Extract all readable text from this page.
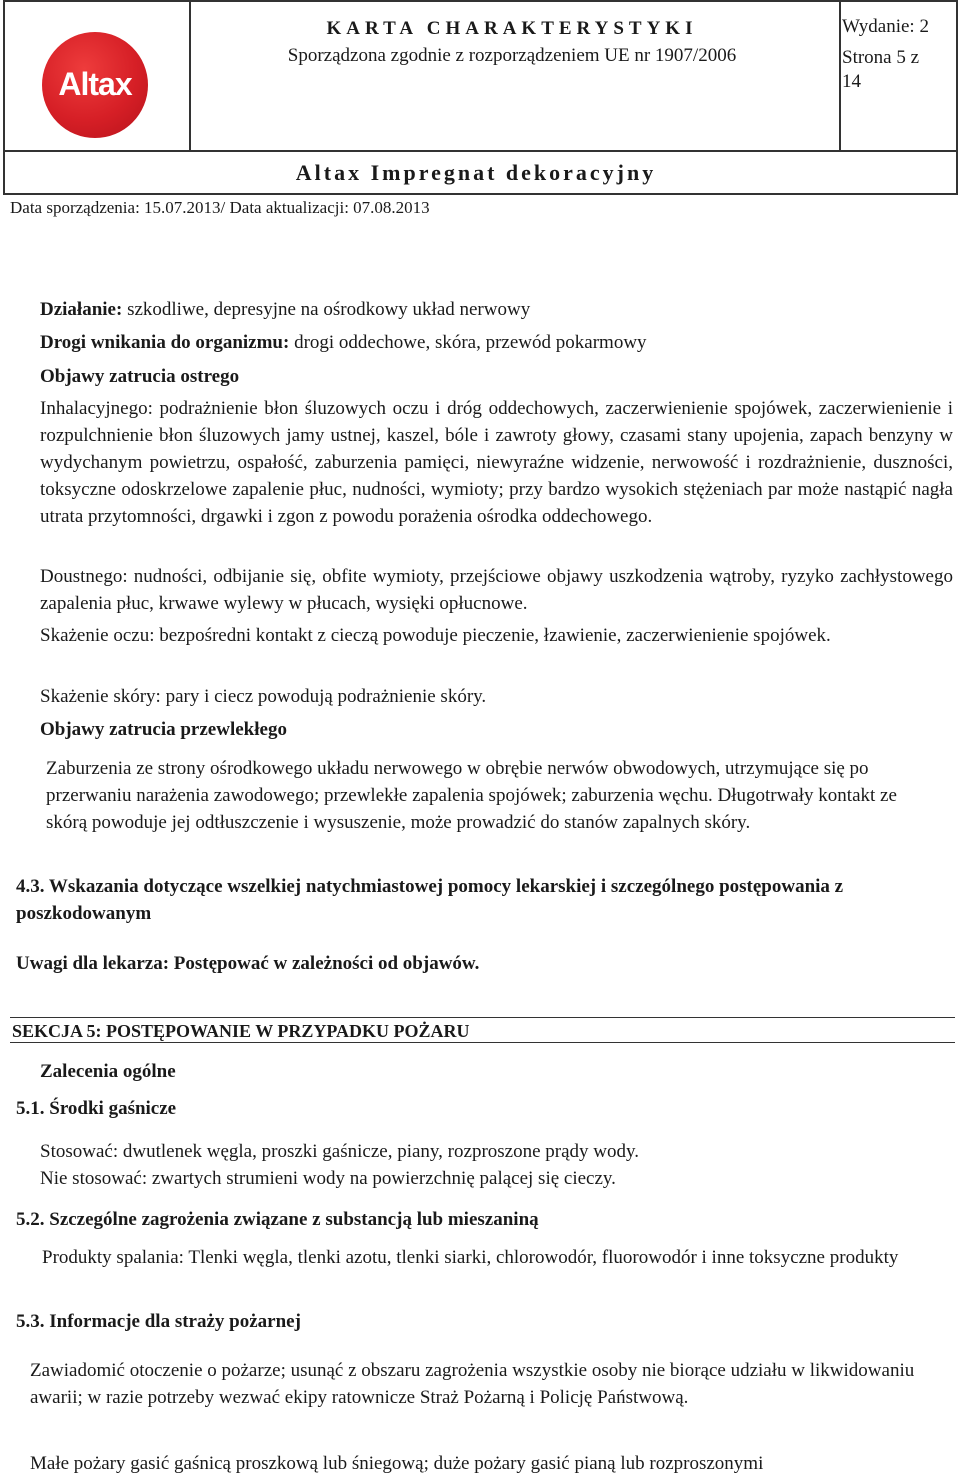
Altax
KARTA CHARAKTERYSTYKI
Sporządzona zgodnie z rozporządzeniem UE nr 1907/2006
Wydanie: 2
Strona 5 z 14
Altax Impregnat dekoracyjny
Data sporządzenia: 15.07.2013/ Data aktualizacji: 07.08.2013

Działanie: szkodliwe, depresyjne na ośrodkowy układ nerwowy

Drogi wnikania do organizmu: drogi oddechowe, skóra, przewód pokarmowy

Objawy zatrucia ostrego

Inhalacyjnego: podrażnienie błon śluzowych oczu i dróg oddechowych, zaczerwienienie spojówek, zaczerwienienie i rozpulchnienie błon śluzowych jamy ustnej, kaszel, bóle i zawroty głowy, czasami stany upojenia, zapach benzyny w wydychanym powietrzu, ospałość, zaburzenia pamięci, niewyraźne widzenie, nerwowość i rozdrażnienie, duszności, toksyczne odoskrzelowe zapalenie płuc, nudności, wymioty; przy bardzo wysokich stężeniach par może nastąpić nagła utrata przytomności, drgawki i zgon z powodu porażenia ośrodka oddechowego.

Doustnego: nudności, odbijanie się, obfite wymioty, przejściowe objawy uszkodzenia wątroby, ryzyko zachłystowego zapalenia płuc, krwawe wylewy w płucach, wysięki opłucnowe.

Skażenie oczu: bezpośredni kontakt z cieczą powoduje pieczenie, łzawienie, zaczerwienienie spojówek.

Skażenie skóry: pary i ciecz powodują podrażnienie skóry.

Objawy zatrucia przewlekłego

Zaburzenia ze strony ośrodkowego układu nerwowego w obrębie nerwów obwodowych, utrzymujące się po przerwaniu narażenia zawodowego; przewlekłe zapalenia spojówek; zaburzenia węchu. Długotrwały kontakt ze skórą powoduje jej odtłuszczenie i wysuszenie, może prowadzić do stanów zapalnych skóry.

4.3. Wskazania dotyczące wszelkiej natychmiastowej pomocy lekarskiej i szczególnego postępowania z poszkodowanym

Uwagi dla lekarza: Postępować w zależności od objawów.

SEKCJA 5: POSTĘPOWANIE W PRZYPADKU POŻARU

Zalecenia ogólne

5.1. Środki gaśnicze

Stosować: dwutlenek węgla, proszki gaśnicze, piany, rozproszone prądy wody.

Nie stosować: zwartych strumieni wody na powierzchnię palącej się cieczy.

5.2. Szczególne zagrożenia związane z substancją lub mieszaniną

Produkty spalania: Tlenki węgla, tlenki azotu, tlenki siarki, chlorowodór, fluorowodór i inne toksyczne produkty

5.3. Informacje dla straży pożarnej

Zawiadomić otoczenie o pożarze; usunąć z obszaru zagrożenia wszystkie osoby nie biorące udziału w likwidowaniu awarii; w razie potrzeby wezwać ekipy ratownicze Straż Pożarną i Policję Państwową.

Małe pożary gasić gaśnicą proszkową lub śniegową; duże pożary gasić pianą lub rozproszonymi
